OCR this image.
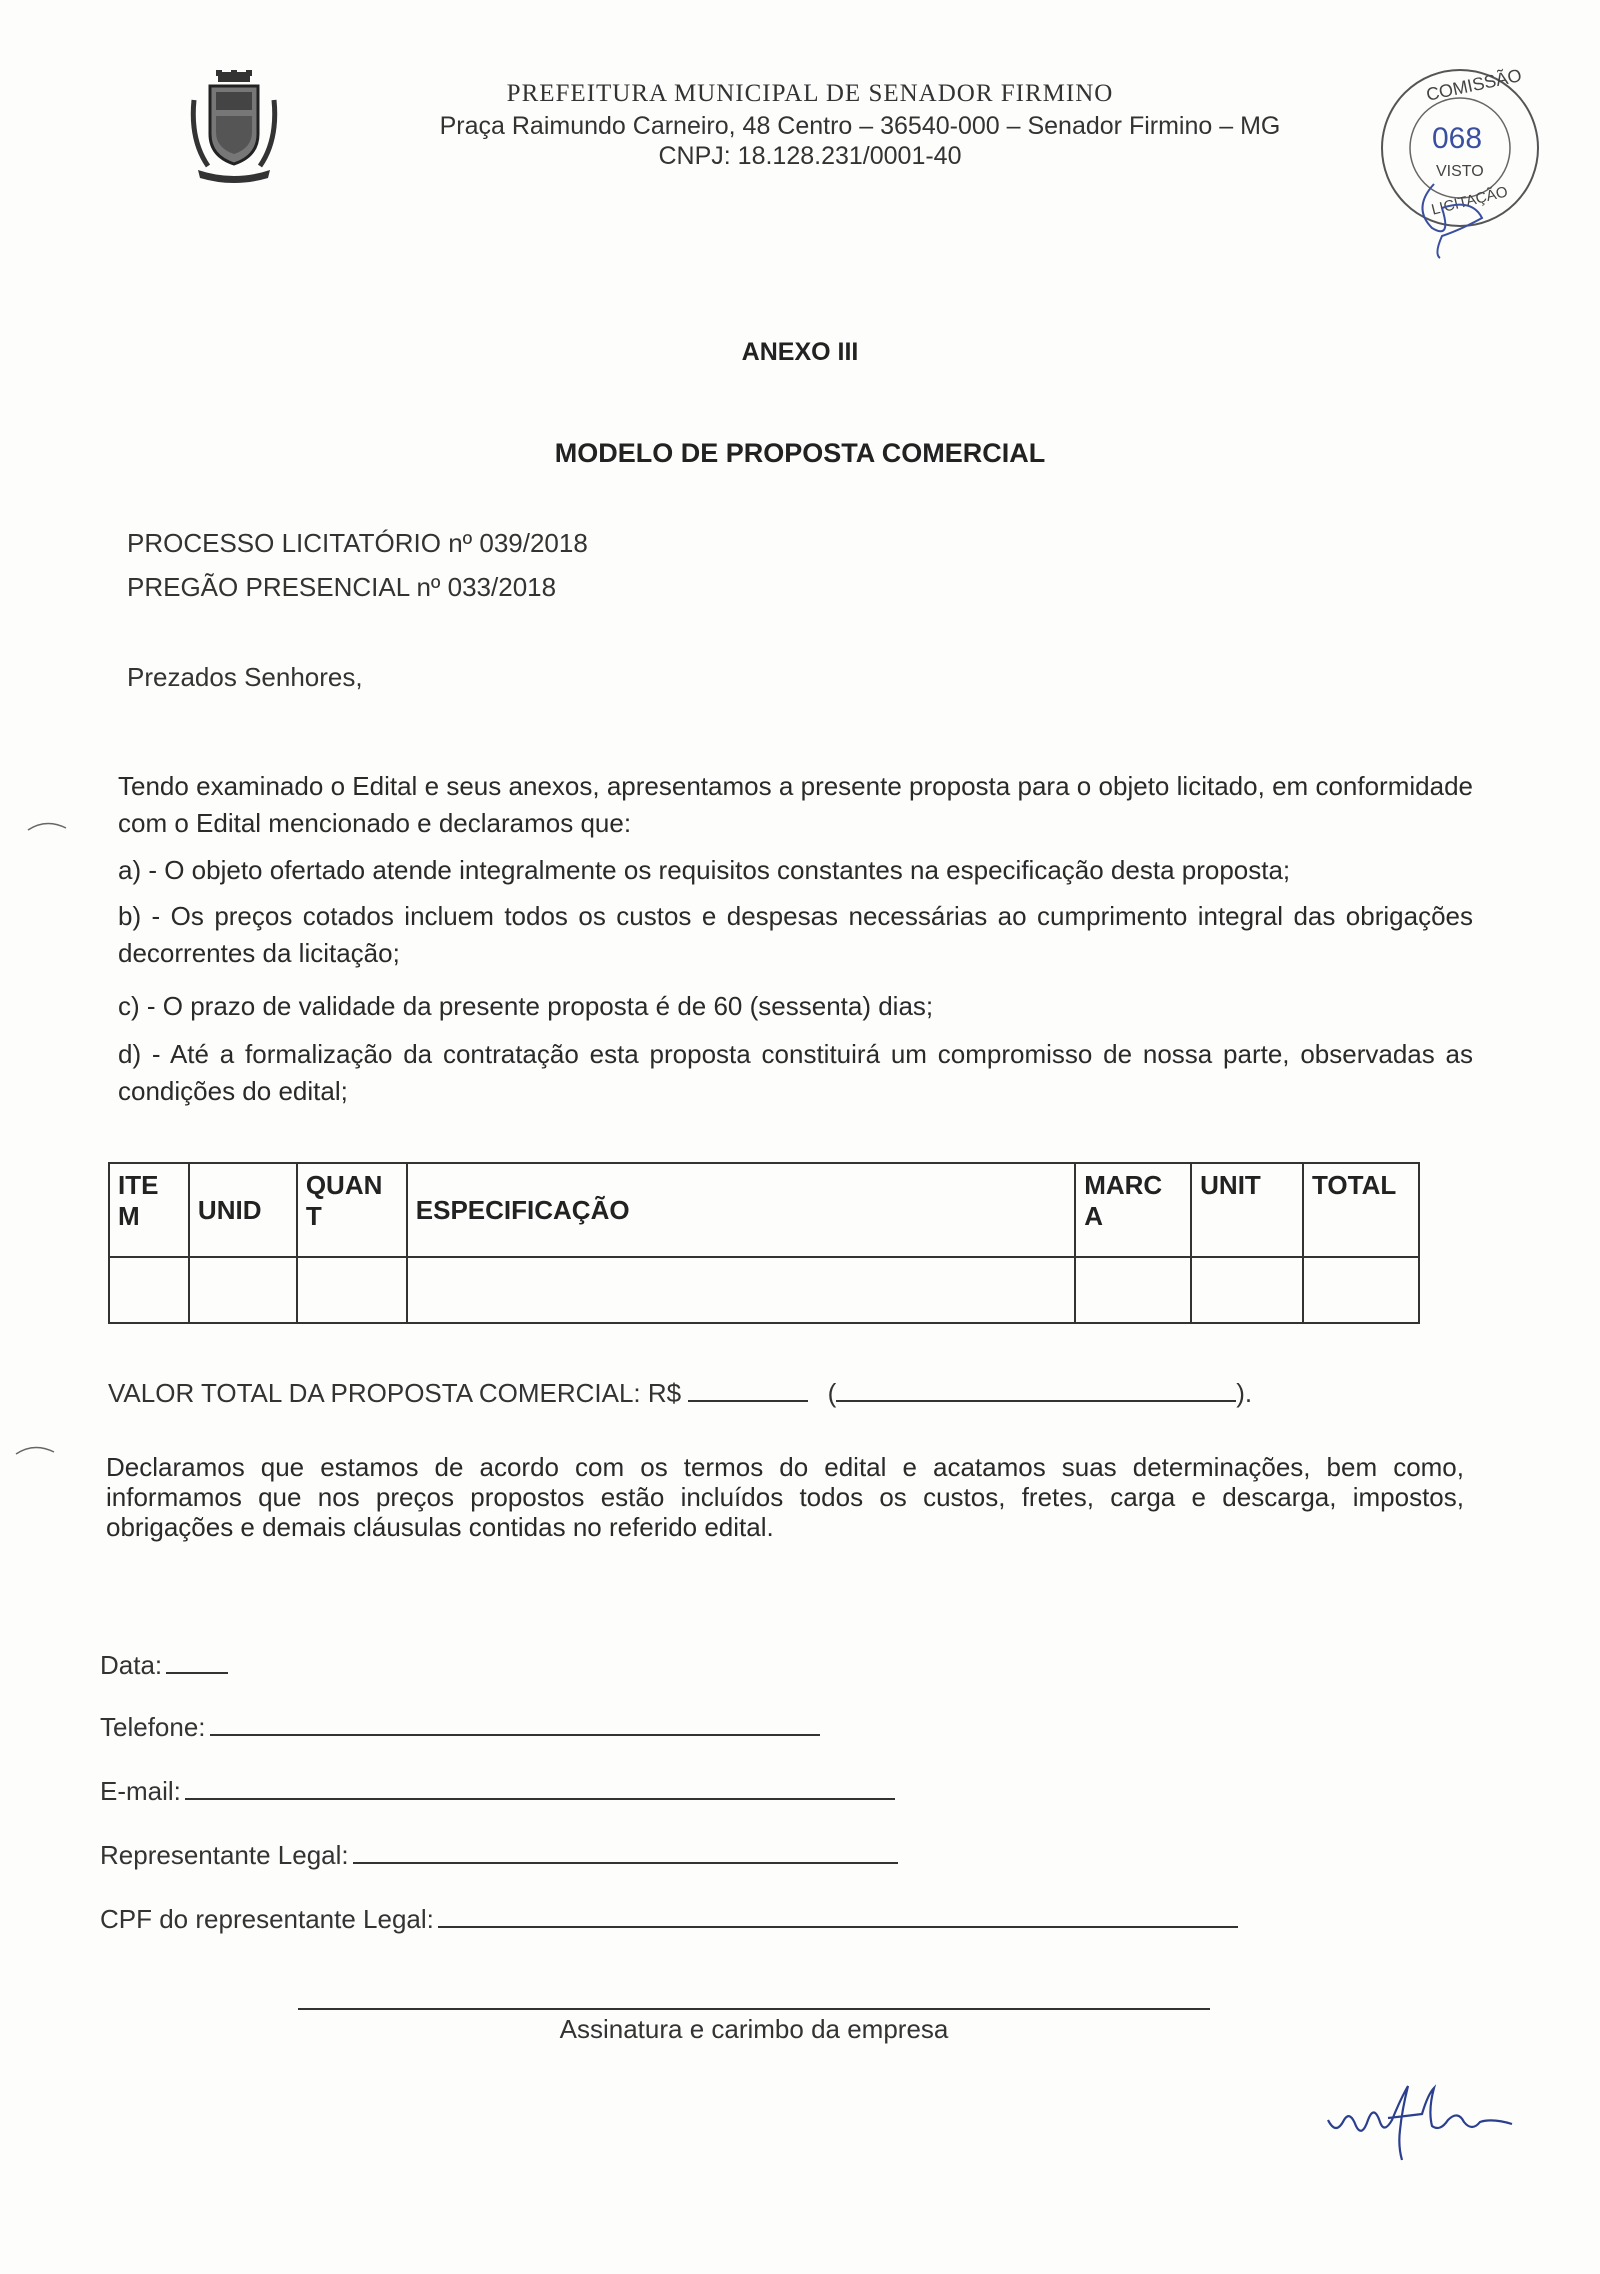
PREFEITURA MUNICIPAL DE SENADOR FIRMINO
Praça Raimundo Carneiro, 48 Centro – 36540-000 – Senador Firmino – MG
CNPJ: 18.128.231/0001-40
COMISSÃO
068
VISTO
LICITAÇÃO
ANEXO III
MODELO DE PROPOSTA COMERCIAL
PROCESSO LICITATÓRIO nº 039/2018
PREGÃO PRESENCIAL nº 033/2018
Prezados Senhores,
Tendo examinado o Edital e seus anexos, apresentamos a presente proposta para o objeto licitado, em conformidade com o Edital mencionado e declaramos que:
a) - O objeto ofertado atende integralmente os requisitos constantes na especificação desta proposta;
b) - Os preços cotados incluem todos os custos e despesas necessárias ao cumprimento integral das obrigações decorrentes da licitação;
c) - O prazo de validade da presente proposta é de 60 (sessenta) dias;
d) - Até a formalização da contratação esta proposta constituirá um compromisso de nossa parte, observadas as condições do edital;
ITE M	UNID	QUAN T	ESPECIFICAÇÃO	MARC A	UNIT	TOTAL

VALOR TOTAL DA PROPOSTA COMERCIAL: R$	(	).
Declaramos que estamos de acordo com os termos do edital e acatamos suas determinações, bem como, informamos que nos preços propostos estão incluídos todos os custos, fretes, carga e descarga, impostos, obrigações e demais cláusulas contidas no referido edital.
Data:
Telefone:
E-mail:
Representante Legal:
CPF do representante Legal:
Assinatura e carimbo da empresa
